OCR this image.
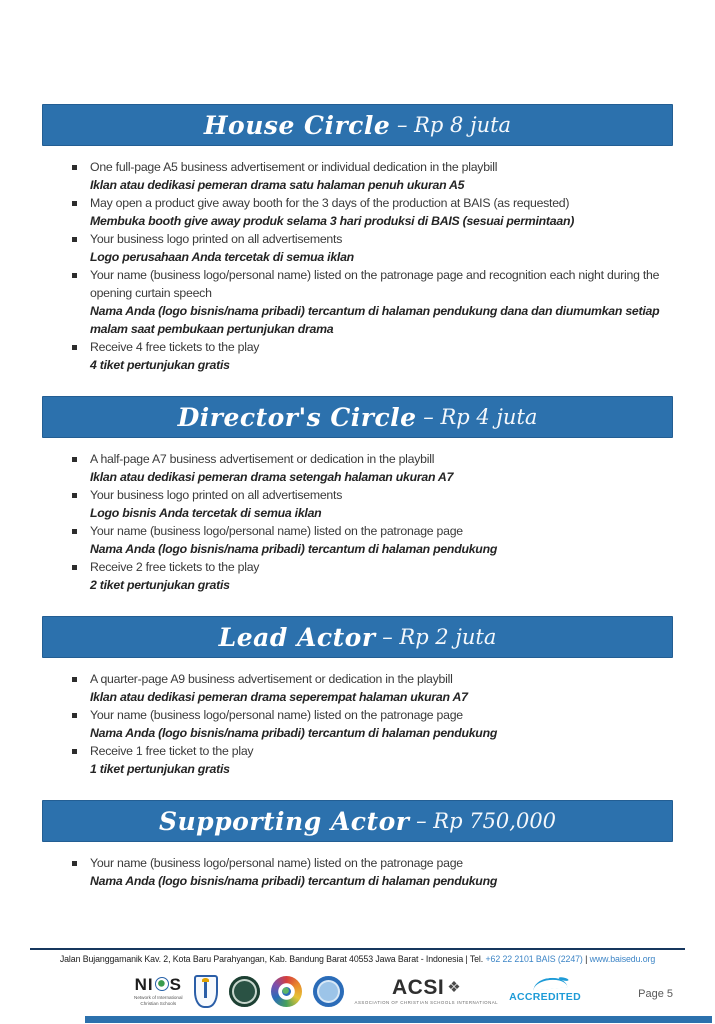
House Circle – Rp 8 juta
One full-page A5 business advertisement or individual dedication in the playbill
Iklan atau dedikasi pemeran drama satu halaman penuh ukuran A5
May open a product give away booth for the 3 days of the production at BAIS (as requested)
Membuka booth give away produk selama 3 hari produksi di BAIS (sesuai permintaan)
Your business logo printed on all advertisements
Logo perusahaan Anda tercetak di semua iklan
Your name (business logo/personal name) listed on the patronage page and recognition each night during the opening curtain speech
Nama Anda (logo bisnis/nama pribadi) tercantum di halaman pendukung dana dan diumumkan setiap malam saat pembukaan pertunjukan drama
Receive 4 free tickets to the play
4 tiket pertunjukan gratis
Director's Circle – Rp 4 juta
A half-page A7 business advertisement or dedication in the playbill
Iklan atau dedikasi pemeran drama setengah halaman ukuran A7
Your business logo printed on all advertisements
Logo bisnis Anda tercetak di semua iklan
Your name (business logo/personal name) listed on the patronage page
Nama Anda (logo bisnis/nama pribadi) tercantum di halaman pendukung
Receive 2 free tickets to the play
2 tiket pertunjukan gratis
Lead Actor – Rp 2 juta
A quarter-page A9 business advertisement or dedication in the playbill
Iklan atau dedikasi pemeran drama seperempat halaman ukuran A7
Your name (business logo/personal name) listed on the patronage page
Nama Anda (logo bisnis/nama pribadi) tercantum di halaman pendukung
Receive 1 free ticket to the play
1 tiket pertunjukan gratis
Supporting Actor – Rp 750,000
Your name (business logo/personal name) listed on the patronage page
Nama Anda (logo bisnis/nama pribadi) tercantum di halaman pendukung
Jalan Bujanggamanik Kav. 2, Kota Baru Parahyangan, Kab. Bandung Barat 40553 Jawa Barat - Indonesia | Tel. +62 22 2101 BAIS (2247) | www.baisedu.org
NI S
Network of International
Christian Schools
ACSI ❖
ASSOCIATION OF CHRISTIAN SCHOOLS INTERNATIONAL ACCREDITED	Page 5
